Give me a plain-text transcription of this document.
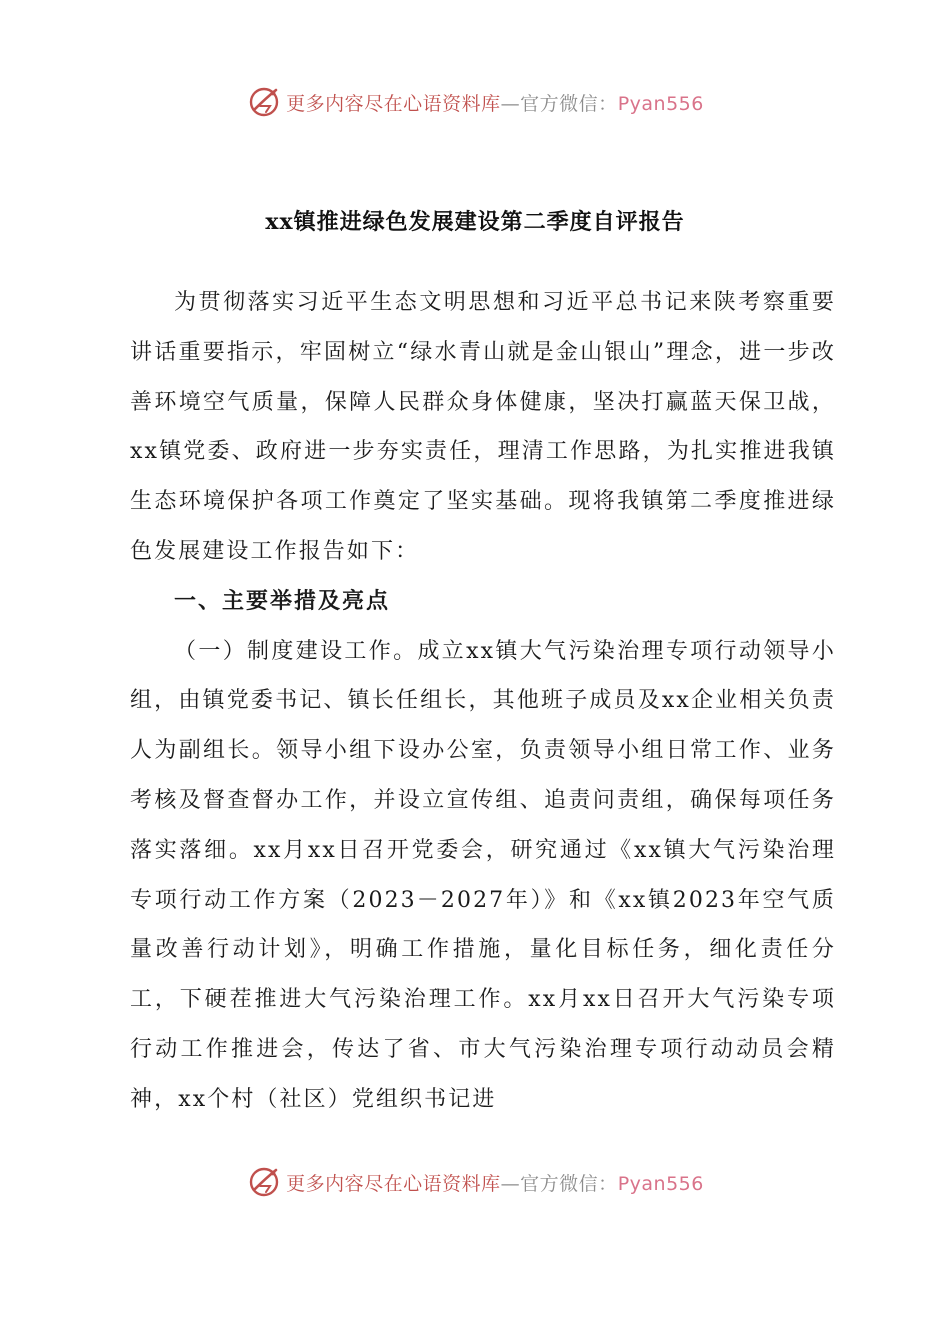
更多内容尽在心语资料库—官方微信：Pyan556
xx镇推进绿色发展建设第二季度自评报告

为贯彻落实习近平生态文明思想和习近平总书记来陕考察重要讲话重要指示，牢固树立“绿水青山就是金山银山”理念，进一步改善环境空气质量，保障人民群众身体健康，坚决打赢蓝天保卫战，xx镇党委、政府进一步夯实责任，理清工作思路，为扎实推进我镇生态环境保护各项工作奠定了坚实基础。现将我镇第二季度推进绿色发展建设工作报告如下：

一、主要举措及亮点

（一）制度建设工作。成立xx镇大气污染治理专项行动领导小组，由镇党委书记、镇长任组长，其他班子成员及xx企业相关负责人为副组长。领导小组下设办公室，负责领导小组日常工作、业务考核及督查督办工作，并设立宣传组、追责问责组，确保每项任务落实落细。xx月xx日召开党委会，研究通过《xx镇大气污染治理专项行动工作方案（2023－2027年）》和《xx镇2023年空气质量改善行动计划》，明确工作措施，量化目标任务，细化责任分工，下硬茬推进大气污染治理工作。xx月xx日召开大气污染专项行动工作推进会，传达了省、市大气污染治理专项行动动员会精神，xx个村（社区）党组织书记进

更多内容尽在心语资料库—官方微信：Pyan556
